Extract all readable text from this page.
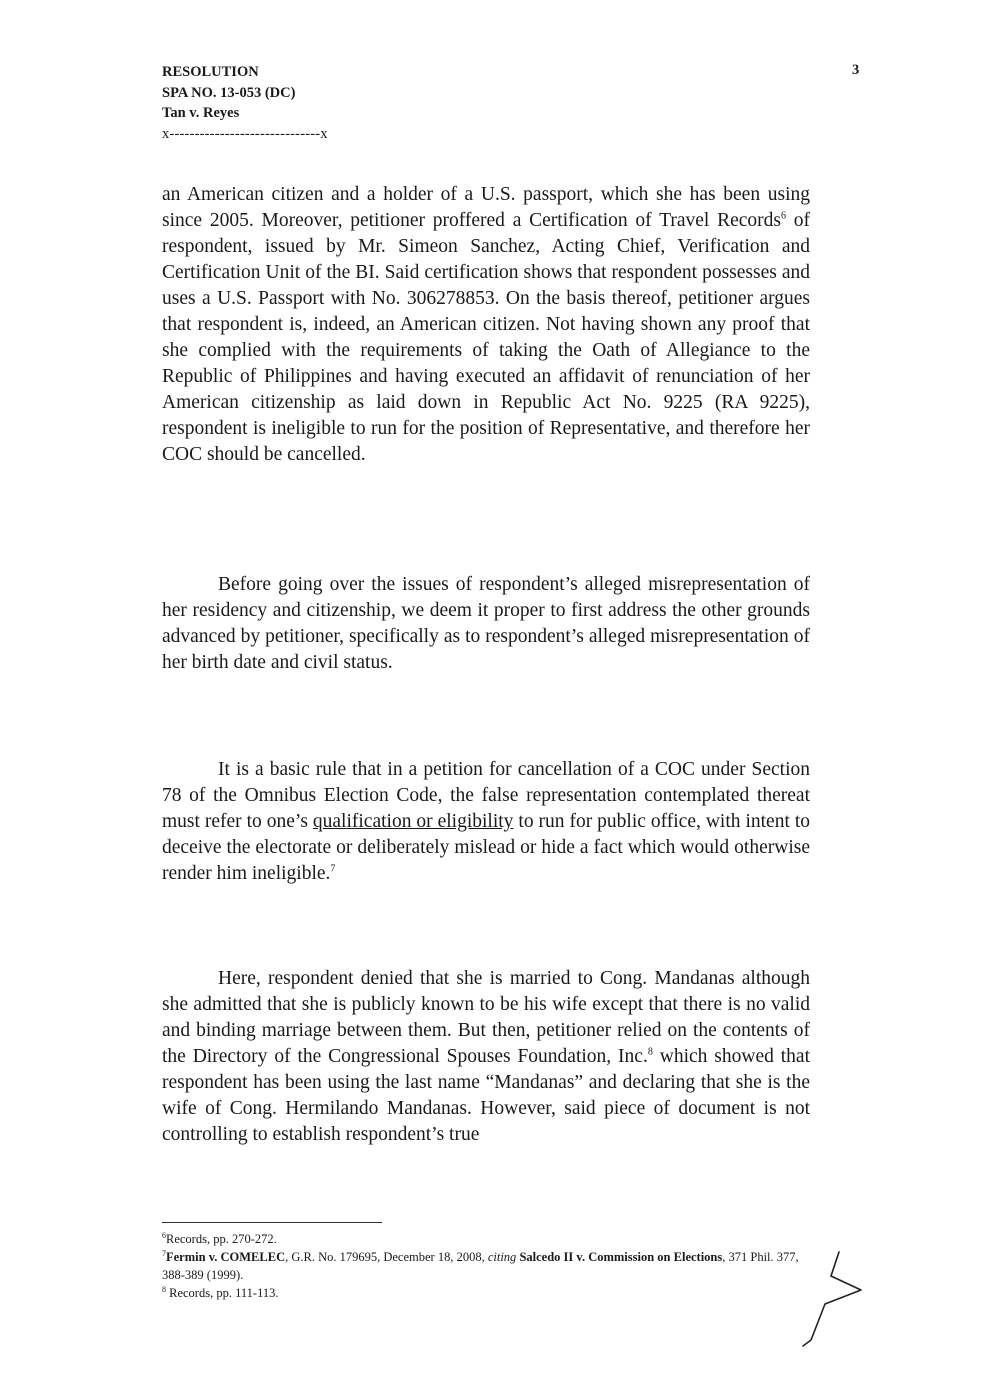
RESOLUTION
SPA NO. 13-053 (DC)
Tan v. Reyes
x------------------------------x
3

an American citizen and a holder of a U.S. passport, which she has been using since 2005. Moreover, petitioner proffered a Certification of Travel Records$^6$ of respondent, issued by Mr. Simeon Sanchez, Acting Chief, Verification and Certification Unit of the BI. Said certification shows that respondent possesses and uses a U.S. Passport with No. 306278853. On the basis thereof, petitioner argues that respondent is, indeed, an American citizen. Not having shown any proof that she complied with the requirements of taking the Oath of Allegiance to the Republic of Philippines and having executed an affidavit of renunciation of her American citizenship as laid down in Republic Act No. 9225 (RA 9225), respondent is ineligible to run for the position of Representative, and therefore her COC should be cancelled.

Before going over the issues of respondent’s alleged misrepresentation of her residency and citizenship, we deem it proper to first address the other grounds advanced by petitioner, specifically as to respondent’s alleged misrepresentation of her birth date and civil status.

It is a basic rule that in a petition for cancellation of a COC under Section 78 of the Omnibus Election Code, the false representation contemplated thereat must refer to one’s qualification or eligibility to run for public office, with intent to deceive the electorate or deliberately mislead or hide a fact which would otherwise render him ineligible.$^7$

Here, respondent denied that she is married to Cong. Mandanas although she admitted that she is publicly known to be his wife except that there is no valid and binding marriage between them. But then, petitioner relied on the contents of the Directory of the Congressional Spouses Foundation, Inc.$^8$ which showed that respondent has been using the last name “Mandanas” and declaring that she is the wife of Cong. Hermilando Mandanas. However, said piece of document is not controlling to establish respondent’s true

$^6$Records, pp. 270-272.
$^7$Fermin v. COMELEC, G.R. No. 179695, December 18, 2008, citing Salcedo II v. Commission on Elections, 371 Phil. 377, 388-389 (1999).
$^8$ Records, pp. 111-113.
